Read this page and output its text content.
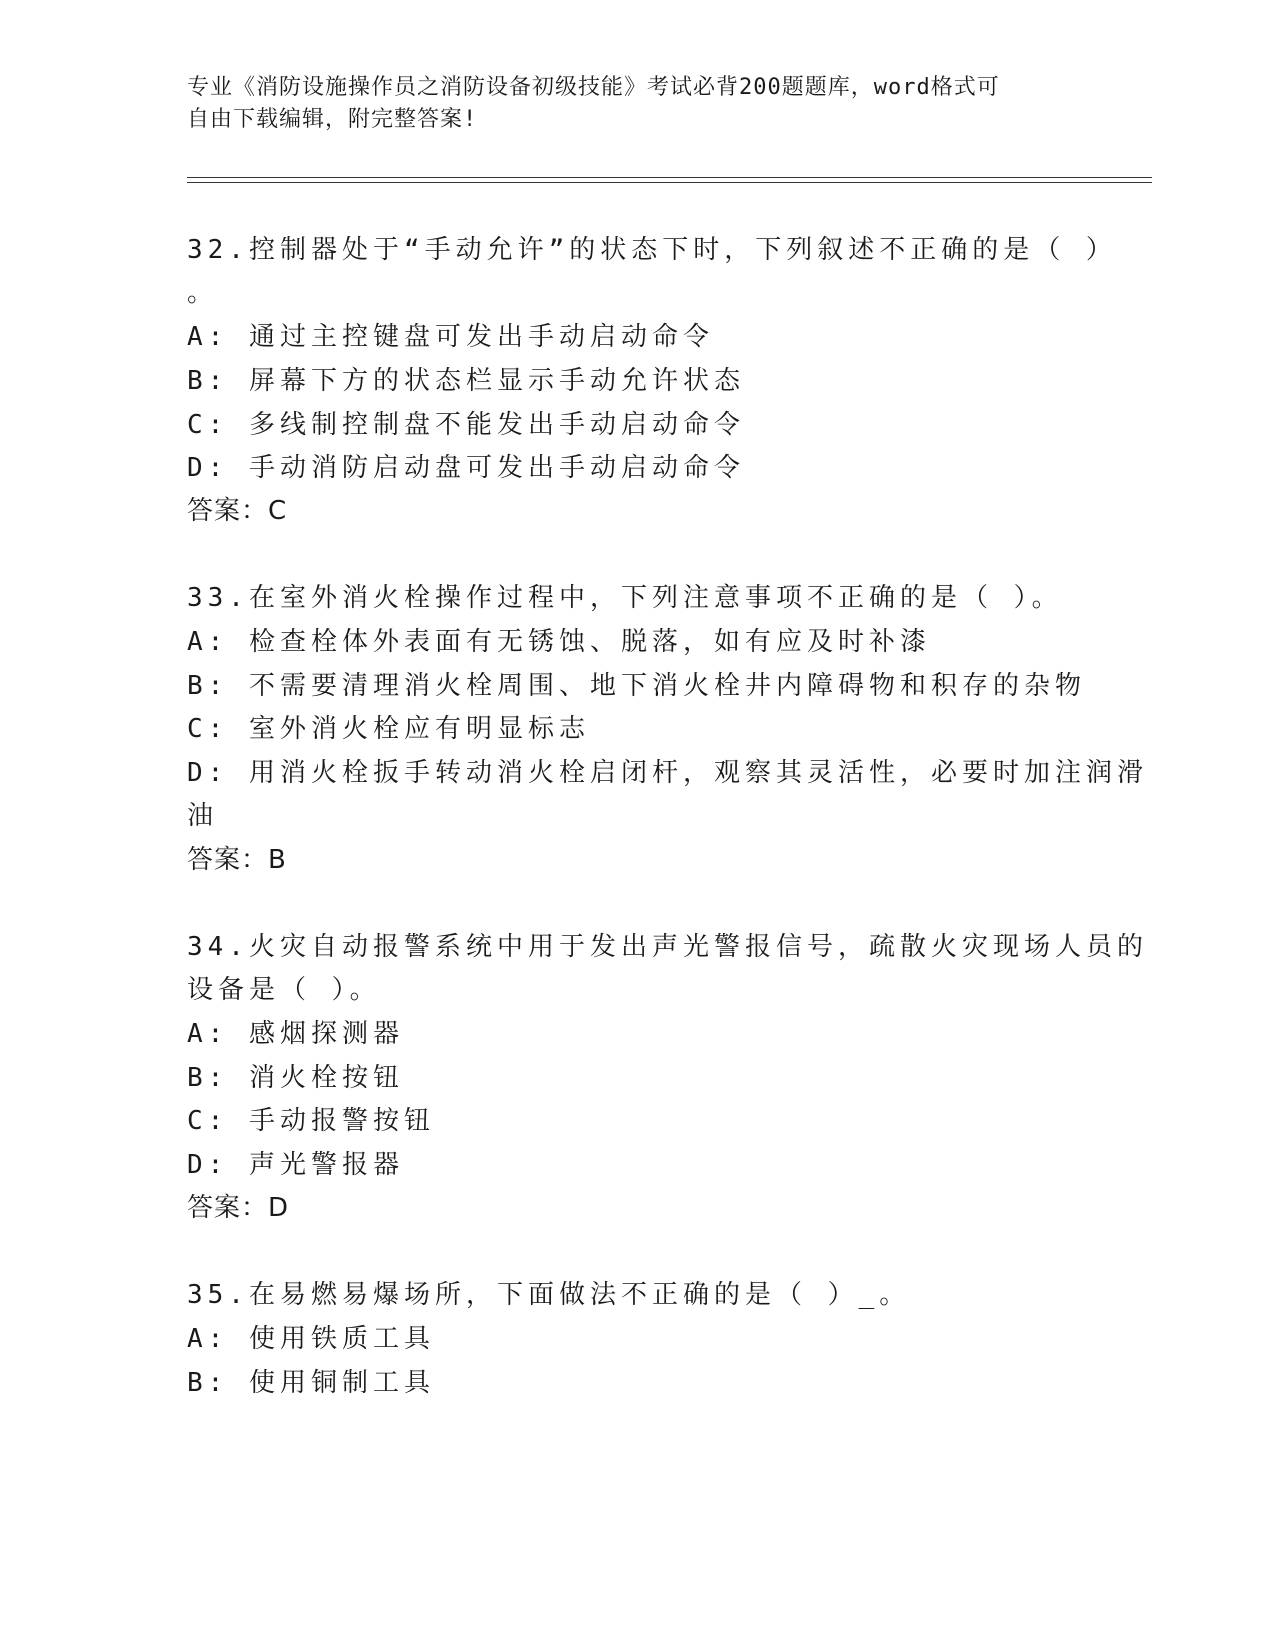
专业《消防设施操作员之消防设备初级技能》考试必背200题题库，word格式可
自由下载编辑，附完整答案!
32.控制器处于“手动允许”的状态下时，下列叙述不正确的是（ ）
。
A: 通过主控键盘可发出手动启动命令
B: 屏幕下方的状态栏显示手动允许状态
C: 多线制控制盘不能发出手动启动命令
D: 手动消防启动盘可发出手动启动命令
答案：C
33.在室外消火栓操作过程中，下列注意事项不正确的是（ ）。
A: 检查栓体外表面有无锈蚀、脱落，如有应及时补漆
B: 不需要清理消火栓周围、地下消火栓井内障碍物和积存的杂物
C: 室外消火栓应有明显标志
D: 用消火栓扳手转动消火栓启闭杆，观察其灵活性，必要时加注润滑
油
答案：B
34.火灾自动报警系统中用于发出声光警报信号，疏散火灾现场人员的
设备是（ ）。
A: 感烟探测器
B: 消火栓按钮
C: 手动报警按钮
D: 声光警报器
答案：D
35.在易燃易爆场所，下面做法不正确的是（ ）_。
A: 使用铁质工具
B: 使用铜制工具
